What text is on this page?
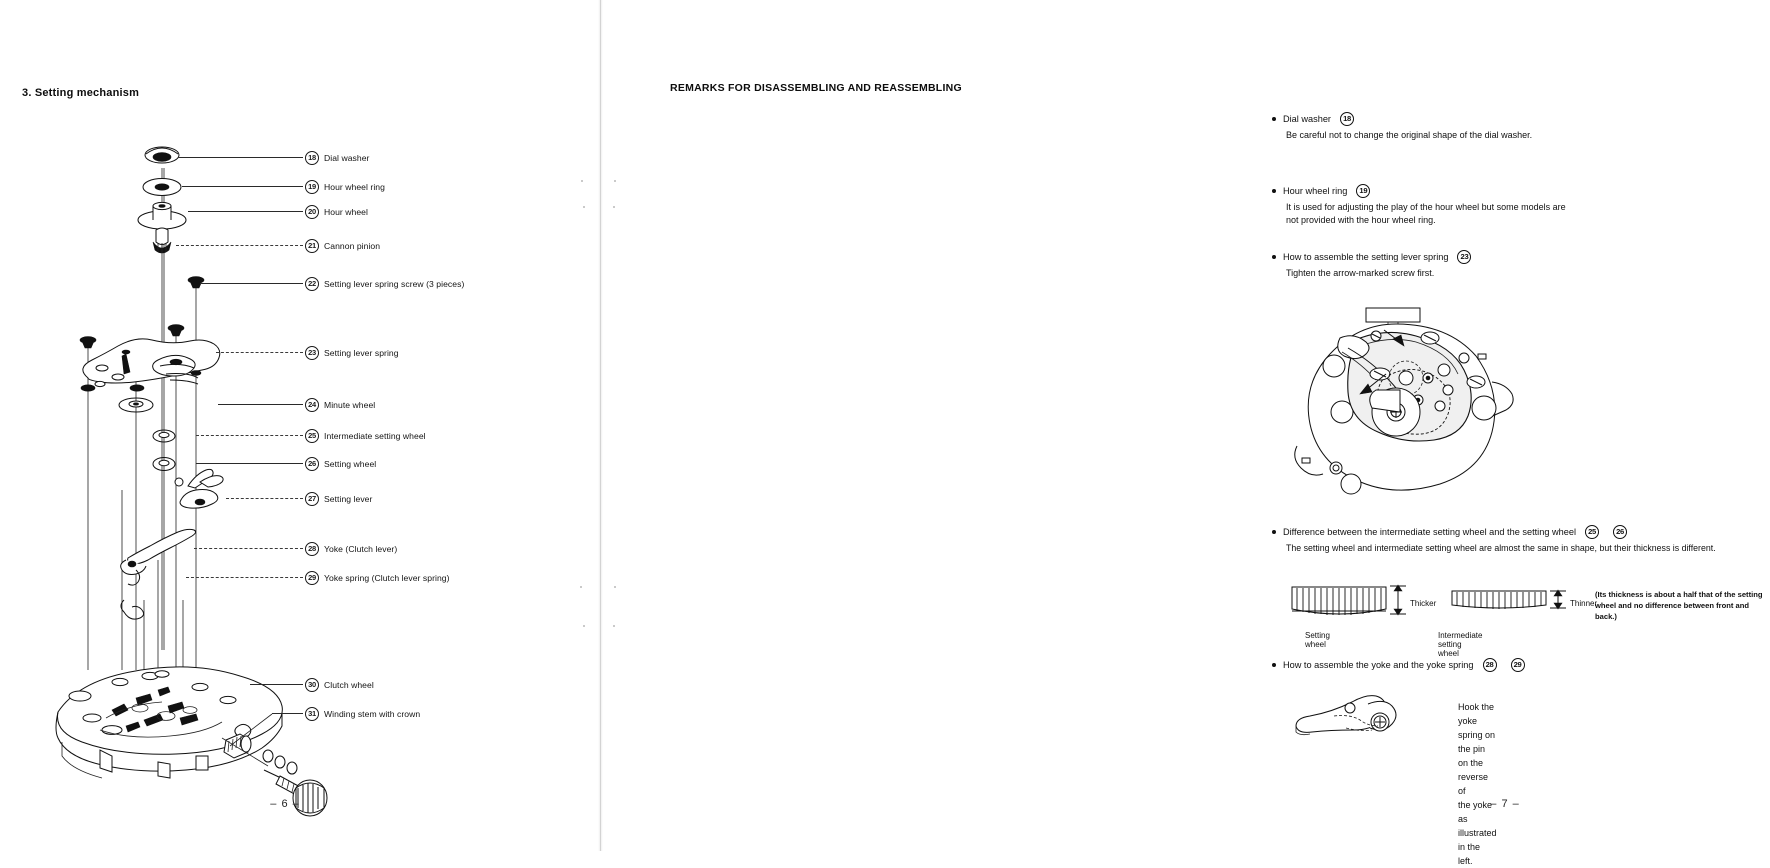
3. Setting mechanism
18 Dial washer
19 Hour wheel ring
20 Hour wheel
21 Cannon pinion
22 Setting lever spring screw (3 pieces)
23 Setting lever spring
24 Minute wheel
25 Intermediate setting wheel
26 Setting wheel
27 Setting lever
28 Yoke (Clutch lever)
29 Yoke spring (Clutch lever spring)
30 Clutch wheel
31 Winding stem with crown
– 6 –
REMARKS FOR DISASSEMBLING AND REASSEMBLING
Dial washer	18
Be careful not to change the original shape of the dial washer.
Hour wheel ring	19
It is used for adjusting the play of the hour wheel but some models are
not provided with the hour wheel ring.
How to assemble the setting lever spring	23
Tighten the arrow-marked screw first.
Difference between the intermediate setting wheel and the setting wheel	25	26
The setting wheel and intermediate setting wheel are almost the same in shape, but their thickness is different.
Thicker	Thinner
Setting wheel
Intermediate setting wheel
(Its thickness is about a half that of the setting wheel and no difference between front and back.)
How to assemble the yoke and the yoke spring	28	29
Hook the yoke spring on the pin on the reverse of
the yoke as illustrated in the left.
– 7 –
